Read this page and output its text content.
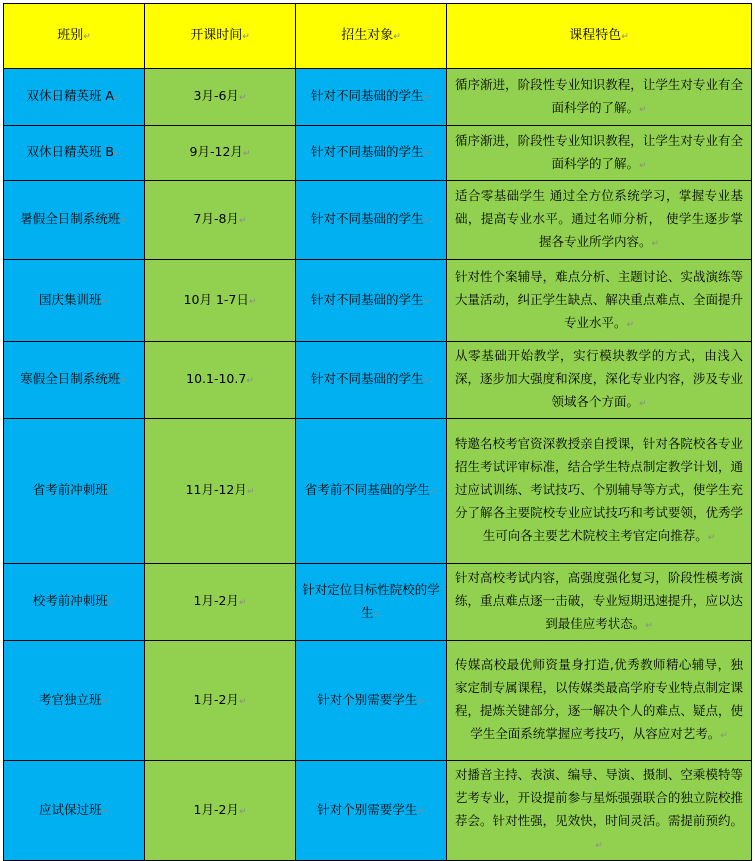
班别↵	开课时间↵	招生对象↵	课程特色↵
双休日精英班 A↵	3月-6月↵	针对不同基础的学生↵	循序渐进，阶段性专业知识教程，让学生对专业有全面科学的了解。↵
双休日精英班 B↵	9月-12月↵	针对不同基础的学生↵	循序渐进，阶段性专业知识教程，让学生对专业有全面科学的了解。↵
暑假全日制系统班↵	7月-8月↵	针对不同基础的学生↵	适合零基础学生 通过全方位系统学习，掌握专业基础，提高专业水平。通过名师分析， 使学生逐步掌握各专业所学内容。↵
国庆集训班↵	10月 1-7日↵	针对不同基础的学生↵	针对性个案辅导，难点分析、主题讨论、实战演练等大量活动，纠正学生缺点、解决重点难点、全面提升专业水平。↵
寒假全日制系统班↵	10.1-10.7↵	针对不同基础的学生↵	从零基础开始教学，实行模块教学的方式，由浅入深，逐步加大强度和深度，深化专业内容，涉及专业领域各个方面。↵
省考前冲刺班↵	11月-12月↵	省考前不同基础的学生↵	特邀名校考官资深教授亲自授课，针对各院校各专业招生考试评审标准，结合学生特点制定教学计划，通过应试训练、考试技巧、个别辅导等方式，使学生充分了解各主要院校专业应试技巧和考试要领，优秀学生可向各主要艺术院校主考官定向推荐。↵
校考前冲刺班↵	1月-2月↵	针对定位目标性院校的学生↵	针对高校考试内容，高强度强化复习，阶段性模考演练，重点难点逐一击破，专业短期迅速提升，应以达到最佳应考状态。↵
考官独立班↵	1月-2月↵	针对个别需要学生↵	传媒高校最优师资量身打造,优秀教师精心辅导，独家定制专属课程，以传媒类最高学府专业特点制定课程，提炼关键部分，逐一解决个人的难点、疑点，使学生全面系统掌握应考技巧，从容应对艺考。↵
应试保过班↵	1月-2月↵	针对个别需要学生↵	对播音主持、表演、编导、导演、摄制、空乘模特等艺考专业，开设提前参与星烁强强联合的独立院校推荐会。针对性强，见效快，时间灵活。需提前预约。↵
